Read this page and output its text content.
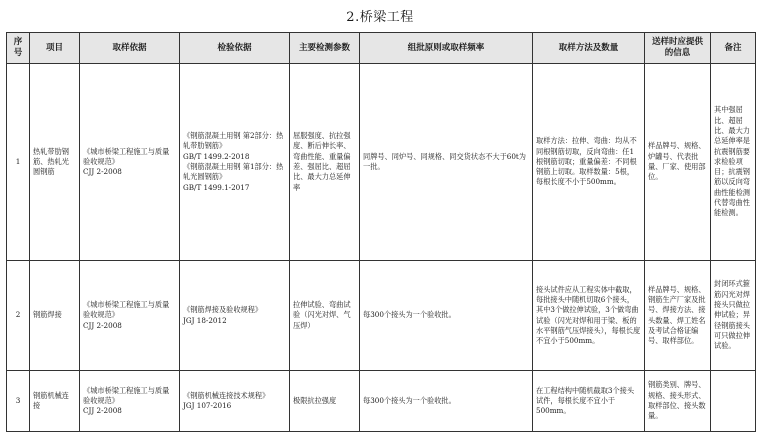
2.桥梁工程
序号	项目	取样依据	检验依据	主要检测参数	组批原则或取样频率	取样方法及数量	送样时应提供的信息	备注
1	热轧带肋钢筋、热轧光圆钢筋	《城市桥梁工程施工与质量验收规范》
CJJ 2-2008	《钢筋混凝土用钢 第2部分：热轧带肋钢筋》
GB/T 1499.2-2018
《钢筋混凝土用钢 第1部分：热轧光圆钢筋》
GB/T 1499.1-2017	屈服强度、抗拉强度、断后伸长率、弯曲性能、重量偏差、强屈比、超屈比、最大力总延伸率	同牌号、同炉号、同规格、同交货状态不大于60t为一批。	取样方法：拉伸、弯曲：均从不同根钢筋切取，反向弯曲：任1根钢筋切取；重量偏差：不同根钢筋上切取。取样数量：5根，每根长度不小于500mm。	样品牌号、规格、炉罐号、代表批量、厂家、使用部位。	其中强屈比、超屈比、最大力总延伸率是抗震钢筋要求检验项目；抗震钢筋以反向弯曲性能检测代替弯曲性能检测。
2	钢筋焊接	《城市桥梁工程施工与质量验收规范》
CJJ 2-2008	《钢筋焊接及验收规程》
JGJ 18-2012	拉伸试验、弯曲试验（闪光对焊、气压焊）	每300个接头为一个验收批。	接头试件应从工程实体中截取，每批接头中随机切取6个接头，其中3个做拉伸试验，3个做弯曲试验（闪光对焊和用于梁、板的水平钢筋气压焊接头），每根长度不宜小于500mm。	样品牌号、规格、钢筋生产厂家及批号、焊接方法、接头数量、焊工姓名及考试合格证编号、取样部位。	封闭环式箍筋闪光对焊接头只做拉伸试验；异径钢筋接头可只做拉伸试验。
3	钢筋机械连接	《城市桥梁工程施工与质量验收规范》
CJJ 2-2008	《钢筋机械连接技术规程》
JGJ 107-2016	极限抗拉强度	每300个接头为一个验收批。	在工程结构中随机截取3个接头试件，每根长度不宜小于500mm。	钢筋类别、牌号、规格、接头形式、取样部位、接头数量。	
